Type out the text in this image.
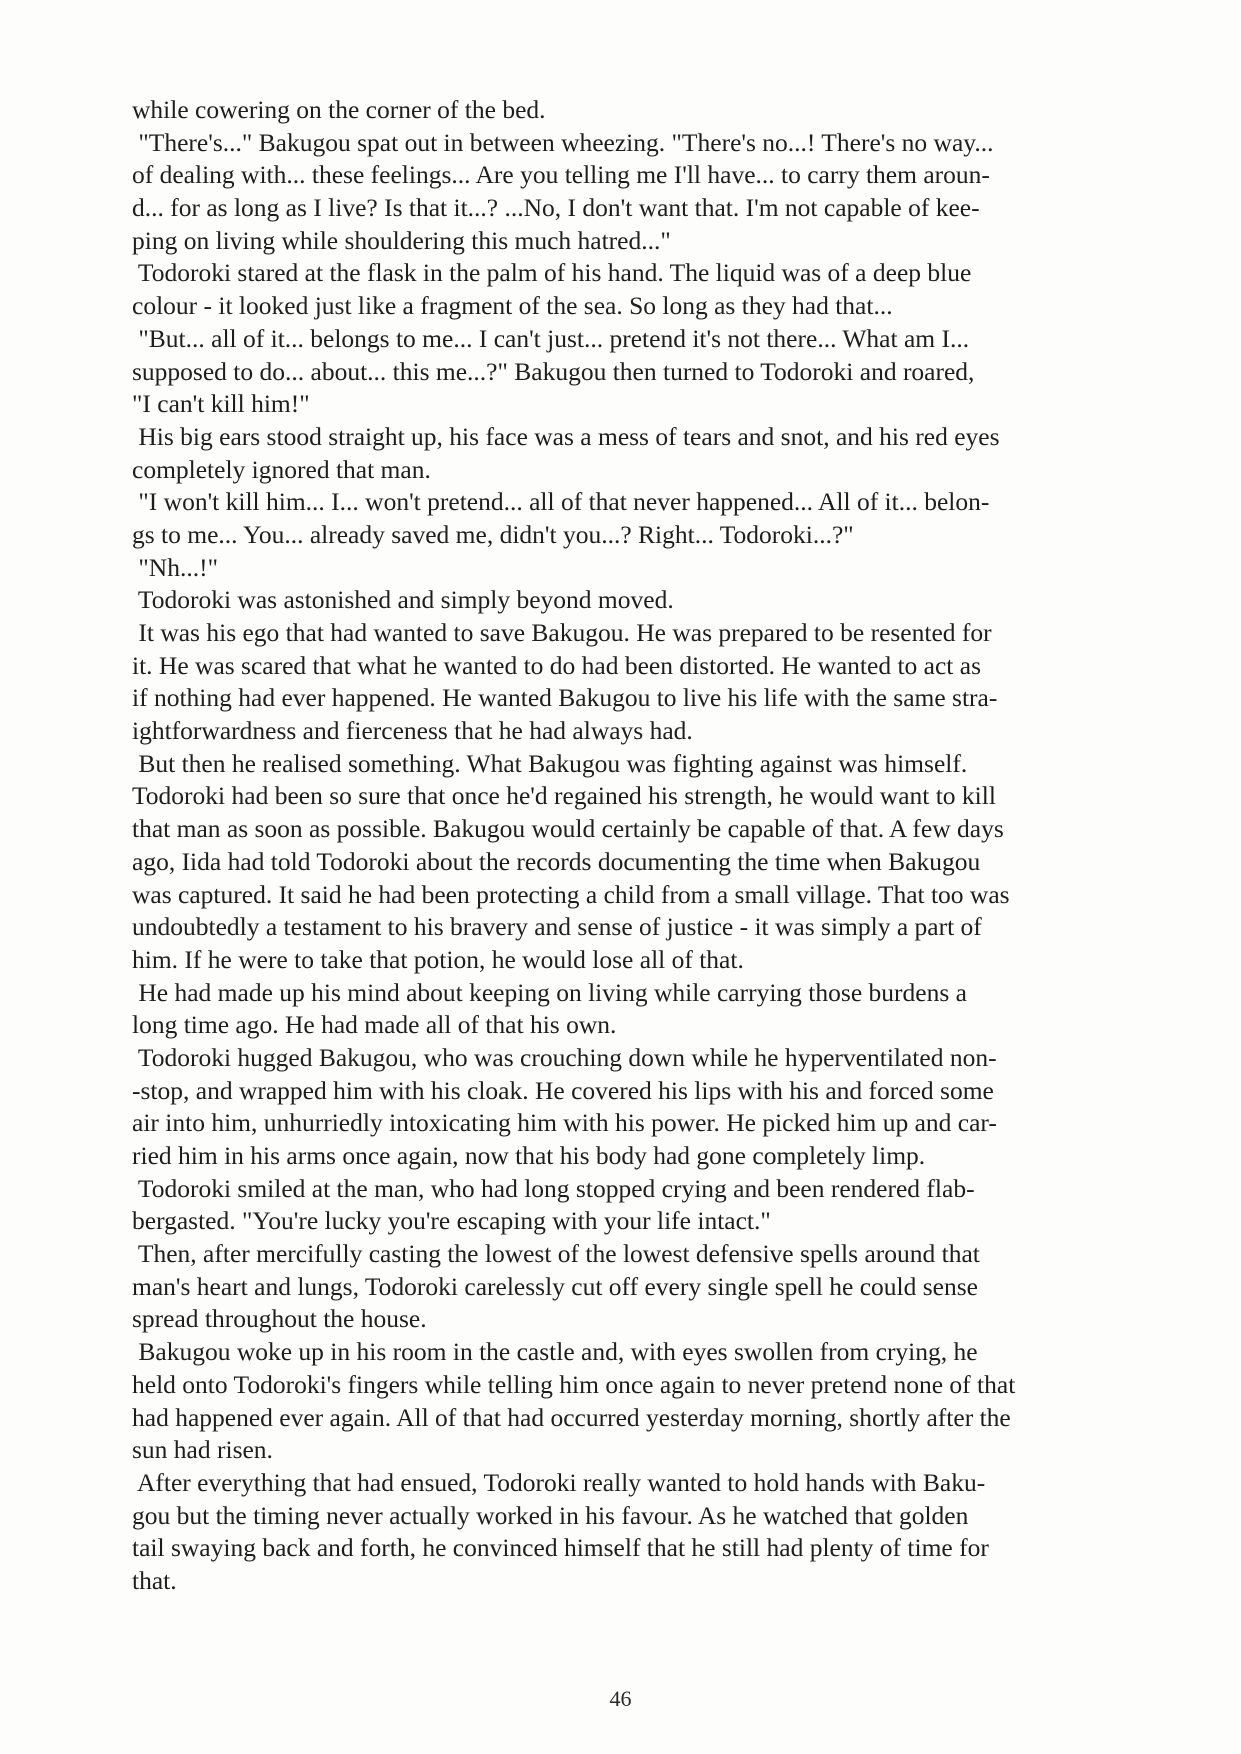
while cowering on the corner of the bed.
"There's..." Bakugou spat out in between wheezing. "There's no...! There's no way...
of dealing with... these feelings... Are you telling me I'll have... to carry them aroun-
d... for as long as I live? Is that it...? ...No, I don't want that. I'm not capable of kee-
ping on living while shouldering this much hatred..."
Todoroki stared at the flask in the palm of his hand. The liquid was of a deep blue
colour - it looked just like a fragment of the sea. So long as they had that...
"But... all of it... belongs to me... I can't just... pretend it's not there... What am I...
supposed to do... about... this me...?" Bakugou then turned to Todoroki and roared,
"I can't kill him!"
His big ears stood straight up, his face was a mess of tears and snot, and his red eyes
completely ignored that man.
"I won't kill him... I... won't pretend... all of that never happened... All of it... belon-
gs to me... You... already saved me, didn't you...? Right... Todoroki...?"
"Nh...!"
Todoroki was astonished and simply beyond moved.
It was his ego that had wanted to save Bakugou. He was prepared to be resented for
it. He was scared that what he wanted to do had been distorted. He wanted to act as
if nothing had ever happened. He wanted Bakugou to live his life with the same stra-
ightforwardness and fierceness that he had always had.
But then he realised something. What Bakugou was fighting against was himself.
Todoroki had been so sure that once he'd regained his strength, he would want to kill
that man as soon as possible. Bakugou would certainly be capable of that. A few days
ago, Iida had told Todoroki about the records documenting the time when Bakugou
was captured. It said he had been protecting a child from a small village. That too was
undoubtedly a testament to his bravery and sense of justice - it was simply a part of
him. If he were to take that potion, he would lose all of that.
He had made up his mind about keeping on living while carrying those burdens a
long time ago. He had made all of that his own.
Todoroki hugged Bakugou, who was crouching down while he hyperventilated non-
-stop, and wrapped him with his cloak. He covered his lips with his and forced some
air into him, unhurriedly intoxicating him with his power. He picked him up and car-
ried him in his arms once again, now that his body had gone completely limp.
Todoroki smiled at the man, who had long stopped crying and been rendered flab-
bergasted. "You're lucky you're escaping with your life intact."
Then, after mercifully casting the lowest of the lowest defensive spells around that
man's heart and lungs, Todoroki carelessly cut off every single spell he could sense
spread throughout the house.
Bakugou woke up in his room in the castle and, with eyes swollen from crying, he
held onto Todoroki's fingers while telling him once again to never pretend none of that
had happened ever again. All of that had occurred yesterday morning, shortly after the
sun had risen.
After everything that had ensued, Todoroki really wanted to hold hands with Baku-
gou but the timing never actually worked in his favour. As he watched that golden
tail swaying back and forth, he convinced himself that he still had plenty of time for
that.
46
